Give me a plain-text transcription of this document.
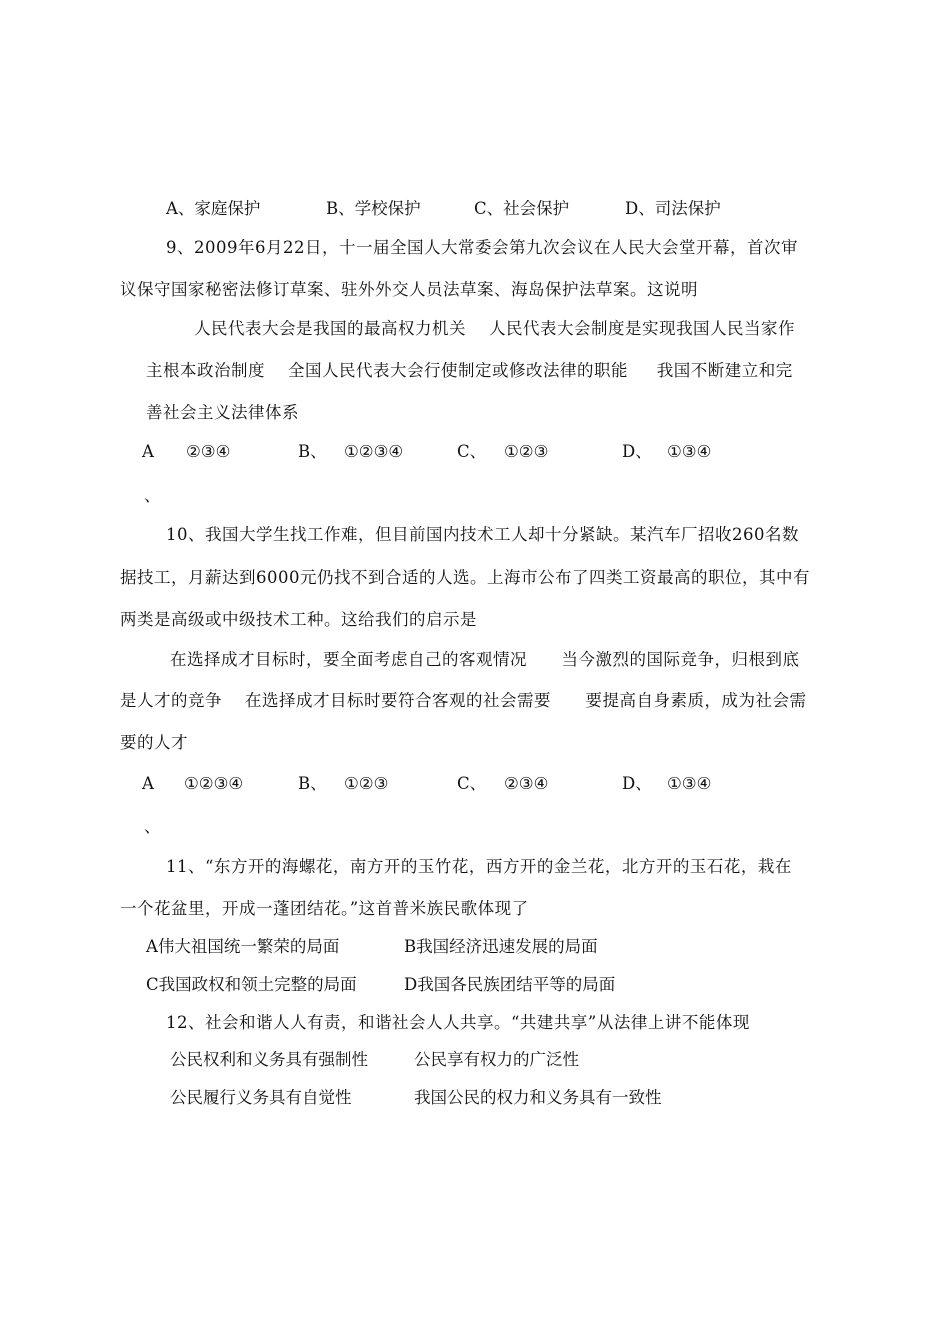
A、家庭保护	B、学校保护	C、社会保护	D、司法保护
9、2009年6月22日，十一届全国人大常委会第九次会议在人民大会堂开幕，首次审
议保守国家秘密法修订草案、驻外外交人员法草案、海岛保护法草案。这说明
人民代表大会是我国的最高权力机关    人民代表大会制度是实现我国人民当家作
主根本政治制度    全国人民代表大会行使制定或修改法律的职能     我国不断建立和完
善社会主义法律体系
A ②③④	B、 ①②③④	C、 ①②③	D、 ①③④
、
10、我国大学生找工作难，但目前国内技术工人却十分紧缺。某汽车厂招收260名数
据技工，月薪达到6000元仍找不到合适的人选。上海市公布了四类工资最高的职位，其中有
两类是高级或中级技术工种。这给我们的启示是
在选择成才目标时，要全面考虑自己的客观情况      当今激烈的国际竞争，归根到底
是人才的竞争    在选择成才目标时要符合客观的社会需要      要提高自身素质，成为社会需
要的人才
A ①②③④	B、 ①②③	C、 ②③④	D、 ①③④
、
11、“东方开的海螺花，南方开的玉竹花，西方开的金兰花，北方开的玉石花，栽在
一个花盆里，开成一蓬团结花。”这首普米族民歌体现了
A伟大祖国统一繁荣的局面	B我国经济迅速发展的局面
C我国政权和领土完整的局面	D我国各民族团结平等的局面
12、社会和谐人人有责，和谐社会人人共享。“共建共享”从法律上讲不能体现
公民权利和义务具有强制性	公民享有权力的广泛性
公民履行义务具有自觉性	我国公民的权力和义务具有一致性
